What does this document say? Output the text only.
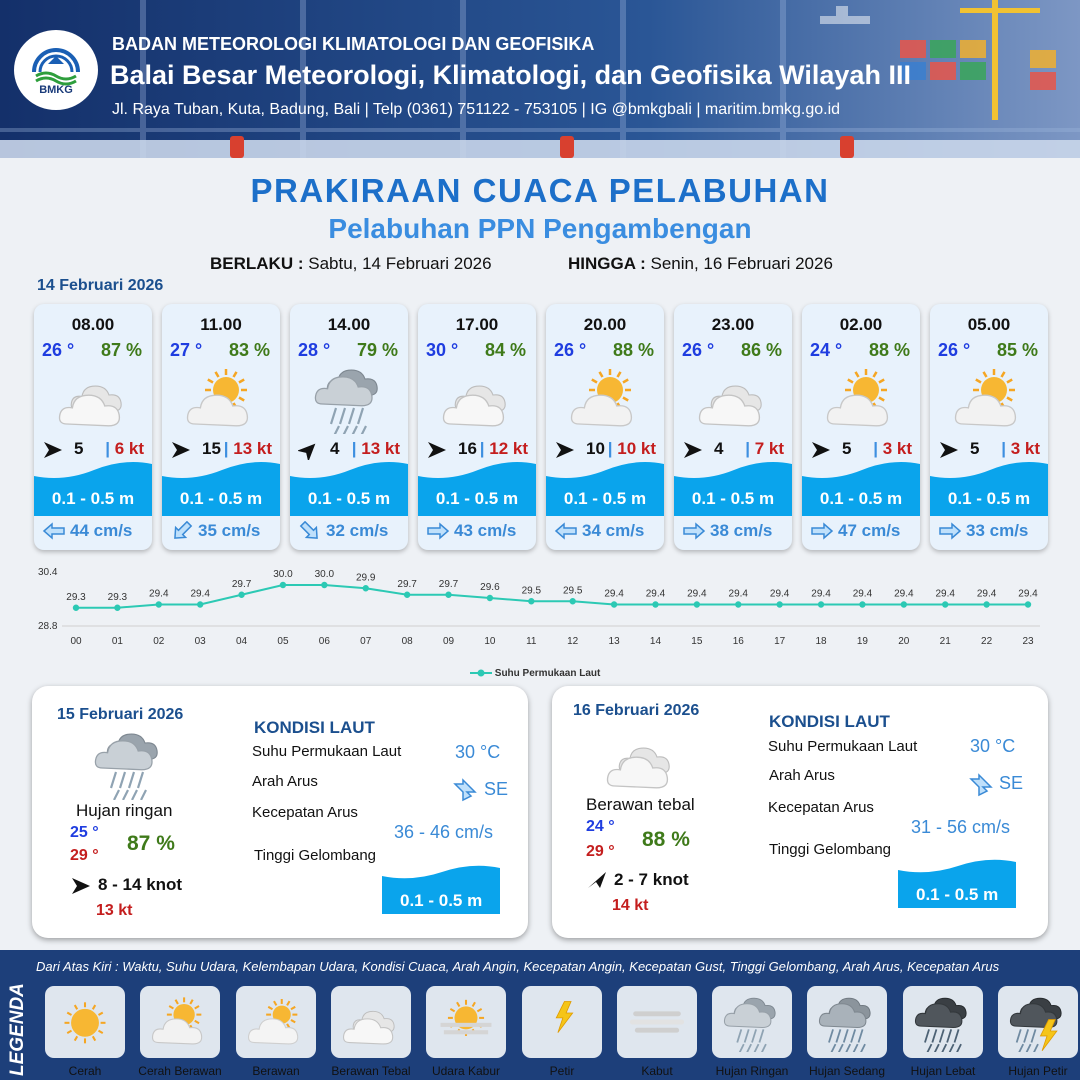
BMKG
BADAN METEOROLOGI KLIMATOLOGI DAN GEOFISIKA
Balai Besar Meteorologi, Klimatologi, dan Geofisika Wilayah III
Jl. Raya Tuban, Kuta, Badung, Bali | Telp (0361) 751122 - 753105 | IG @bmkgbali | maritim.bmkg.go.id
PRAKIRAAN CUACA PELABUHAN
Pelabuhan PPN Pengambengan
BERLAKU : Sabtu, 14 Februari 2026	HINGGA : Senin, 16 Februari 2026
14 Februari 2026
08.00
26 ° 87 %
5 | 6 kt
0.1 - 0.5 m
44 cm/s
11.00
27 ° 83 %
15 | 13 kt
0.1 - 0.5 m
35 cm/s
14.00
28 ° 79 %
4 | 13 kt
0.1 - 0.5 m
32 cm/s
17.00
30 ° 84 %
16 | 12 kt
0.1 - 0.5 m
43 cm/s
20.00
26 ° 88 %
10 | 10 kt
0.1 - 0.5 m
34 cm/s
23.00
26 ° 86 %
4 | 7 kt
0.1 - 0.5 m
38 cm/s
02.00
24 ° 88 %
5 | 3 kt
0.1 - 0.5 m
47 cm/s
05.00
26 ° 85 %
5 | 3 kt
0.1 - 0.5 m
33 cm/s
30.4
28.8
29.3
00
29.3
01
29.4
02
29.4
03
29.7
04
30.0
05
30.0
06
29.9
07
29.7
08
29.7
09
29.6
10
29.5
11
29.5
12
29.4
13
29.4
14
29.4
15
29.4
16
29.4
17
29.4
18
29.4
19
29.4
20
29.4
21
29.4
22
29.4
23
Suhu Permukaan Laut
15 Februari 2026
Hujan ringan
25 °
29 °
87 %
8 - 14 knot
13 kt
KONDISI LAUT
Suhu Permukaan Laut	30 °C
Arah Arus	SE
Kecepatan Arus
36 - 46 cm/s
Tinggi Gelombang
0.1 - 0.5 m
16 Februari 2026
Berawan tebal
24 °
29 °
88 %
2 - 7 knot
14 kt
KONDISI LAUT
Suhu Permukaan Laut	30 °C
Arah Arus	SE
Kecepatan Arus
31 - 56 cm/s
Tinggi Gelombang
0.1 - 0.5 m
LEGENDA
Dari Atas Kiri : Waktu, Suhu Udara, Kelembapan Udara, Kondisi Cuaca, Arah Angin, Kecepatan Angin, Kecepatan Gust, Tinggi Gelombang, Arah Arus, Kecepatan Arus
Cerah	Cerah Berawan	Berawan	Berawan Tebal	Udara Kabur	Petir	Kabut	Hujan Ringan	Hujan Sedang	Hujan Lebat	Hujan Petir
